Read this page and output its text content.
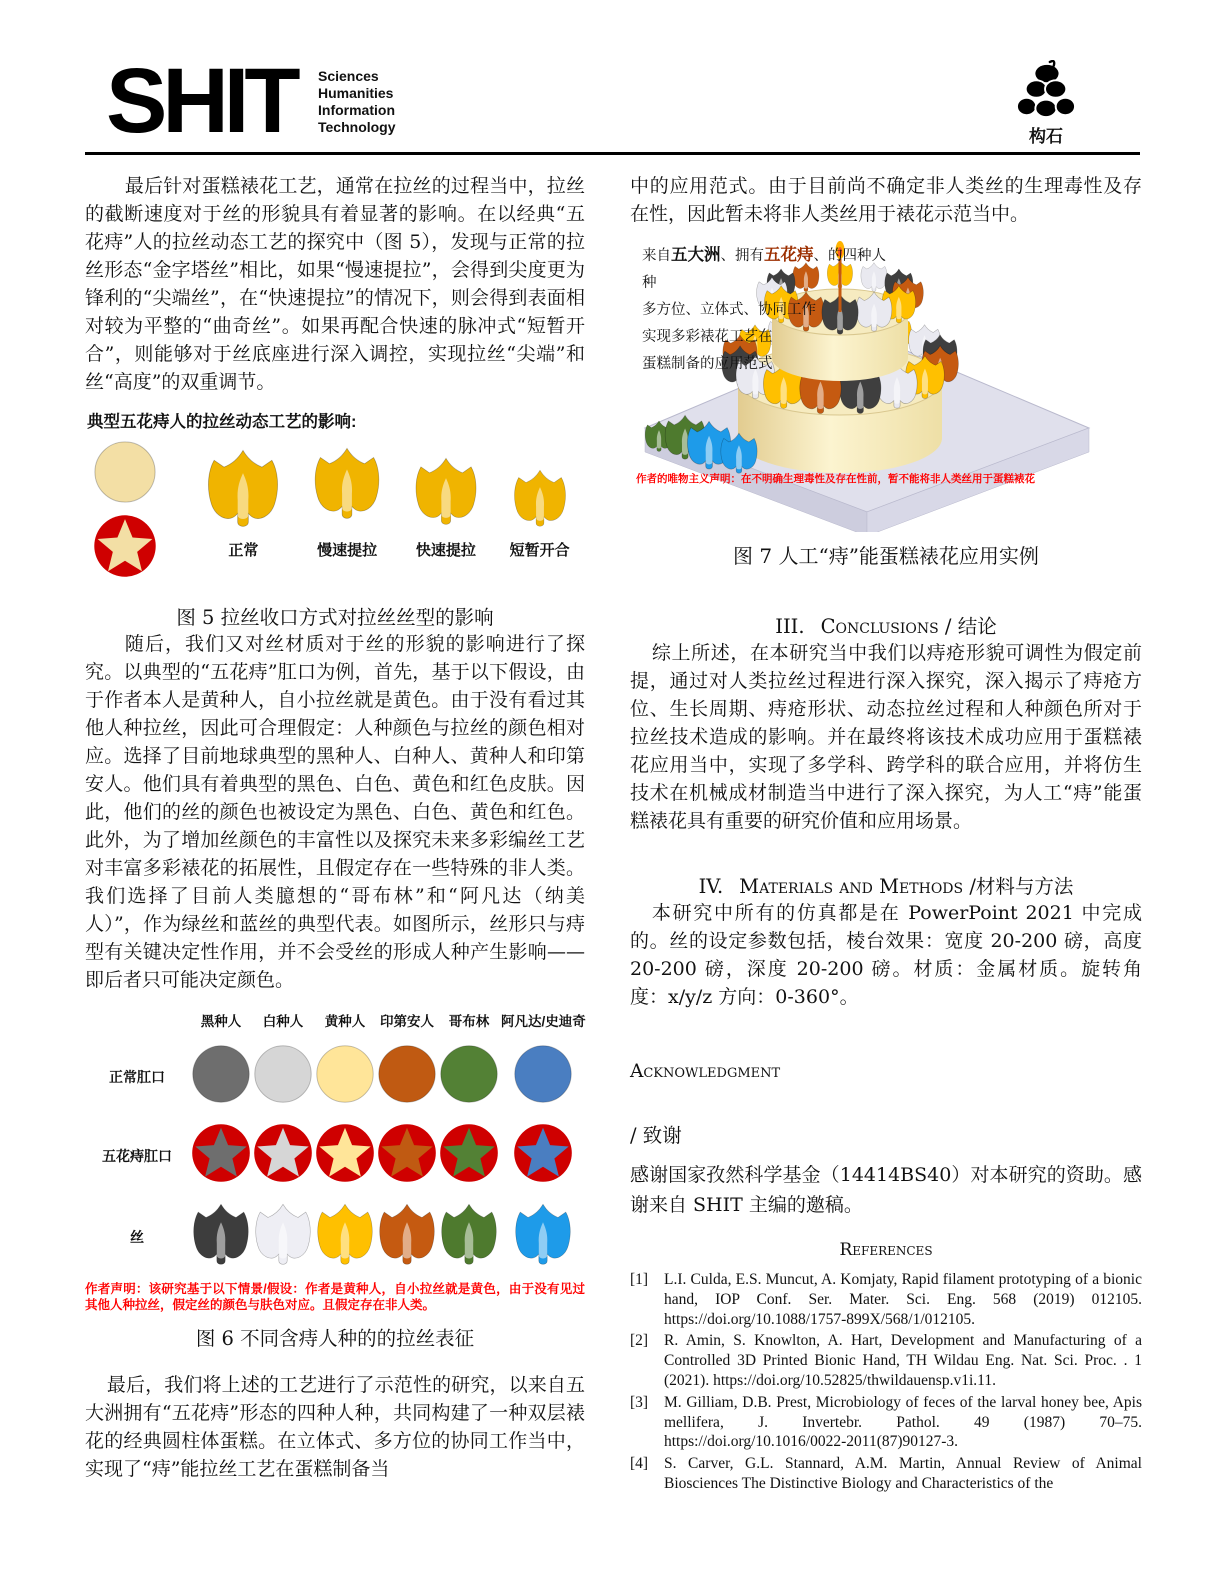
SHIT Sciences
Humanities
Information
Technology	构石

最后针对蛋糕裱花工艺，通常在拉丝的过程当中，拉丝的截断速度对于丝的形貌具有着显著的影响。在以经典“五花痔”人的拉丝动态工艺的探究中（图 5），发现与正常的拉丝形态“金字塔丝”相比，如果“慢速提拉”，会得到尖度更为锋利的“尖端丝”，在“快速提拉”的情况下，则会得到表面相对较为平整的“曲奇丝”。如果再配合快速的脉冲式“短暂开合”，则能够对于丝底座进行深入调控，实现拉丝“尖端”和丝“高度”的双重调节。

典型五花痔人的拉丝动态工艺的影响:
正常	慢速提拉	快速提拉 短暂开合
图 5 拉丝收口方式对拉丝丝型的影响

随后，我们又对丝材质对于丝的形貌的影响进行了探究。以典型的“五花痔”肛口为例，首先，基于以下假设，由于作者本人是黄种人，自小拉丝就是黄色。由于没有看过其他人种拉丝，因此可合理假定：人种颜色与拉丝的颜色相对应。选择了目前地球典型的黑种人、白种人、黄种人和印第安人。他们具有着典型的黑色、白色、黄色和红色皮肤。因此，他们的丝的颜色也被设定为黑色、白色、黄色和红色。此外，为了增加丝颜色的丰富性以及探究未来多彩编丝工艺对丰富多彩裱花的拓展性，且假定存在一些特殊的非人类。我们选择了目前人类臆想的“哥布林”和“阿凡达（纳美人）”，作为绿丝和蓝丝的典型代表。如图所示，丝形只与痔型有关键决定性作用，并不会受丝的形成人种产生影响——即后者只可能决定颜色。

黑种人 白种人 黄种人 印第安人 哥布林 阿凡达/史迪奇
正常肛口
五花痔肛口
丝
作者声明：该研究基于以下情景/假设：作者是黄种人，自小拉丝就是黄色，由于没有见过其他人种拉丝，假定丝的颜色与肤色对应。且假定存在非人类。
图 6 不同含痔人种的的拉丝表征

最后，我们将上述的工艺进行了示范性的研究，以来自五大洲拥有“五花痔”形态的四种人种，共同构建了一种双层裱花的经典圆柱体蛋糕。在立体式、多方位的协同工作当中，实现了“痔”能拉丝工艺在蛋糕制备当

中的应用范式。由于目前尚不确定非人类丝的生理毒性及存在性，因此暂未将非人类丝用于裱花示范当中。

来自五大洲、拥有五花痔、的四种人种
多方位、立体式、协同工作
实现多彩裱花工艺在
蛋糕制备的应用范式
作者的唯物主义声明：在不明确生理毒性及存在性前，暂不能将非人类丝用于蛋糕裱花
图 7 人工“痔”能蛋糕裱花应用实例
III. Conclusions / 结论

综上所述，在本研究当中我们以痔疮形貌可调性为假定前提，通过对人类拉丝过程进行深入探究，深入揭示了痔疮方位、生长周期、痔疮形状、动态拉丝过程和人种颜色所对于拉丝技术造成的影响。并在最终将该技术成功应用于蛋糕裱花应用当中，实现了多学科、跨学科的联合应用，并将仿生技术在机械成材制造当中进行了深入探究，为人工“痔”能蛋糕裱花具有重要的研究价值和应用场景。

IV. Materials and Methods /材料与方法

本研究中所有的仿真都是在 PowerPoint 2021 中完成的。丝的设定参数包括，棱台效果：宽度 20-200 磅，高度 20-200 磅，深度 20-200 磅。材质：金属材质。旋转角度：x/y/z 方向：0-360°。

Acknowledgment
/ 致谢
感谢国家孜然科学基金（14414BS40）对本研究的资助。感谢来自 SHIT 主编的邀稿。
References
[1]	L.I. Culda, E.S. Muncut, A. Komjaty, Rapid filament prototyping of a bionic hand, IOP Conf. Ser. Mater. Sci. Eng. 568 (2019) 012105. https://doi.org/10.1088/1757-899X/568/1/012105.
[2]	R. Amin, S. Knowlton, A. Hart, Development and Manufacturing of a Controlled 3D Printed Bionic Hand, TH Wildau Eng. Nat. Sci. Proc. . 1 (2021). https://doi.org/10.52825/thwildauensp.v1i.11.
[3]	M. Gilliam, D.B. Prest, Microbiology of feces of the larval honey bee, Apis mellifera, J. Invertebr. Pathol. 49 (1987) 70–75. https://doi.org/10.1016/0022-2011(87)90127-3.
[4]	S. Carver, G.L. Stannard, A.M. Martin, Annual Review of Animal Biosciences The Distinctive Biology and Characteristics of the
